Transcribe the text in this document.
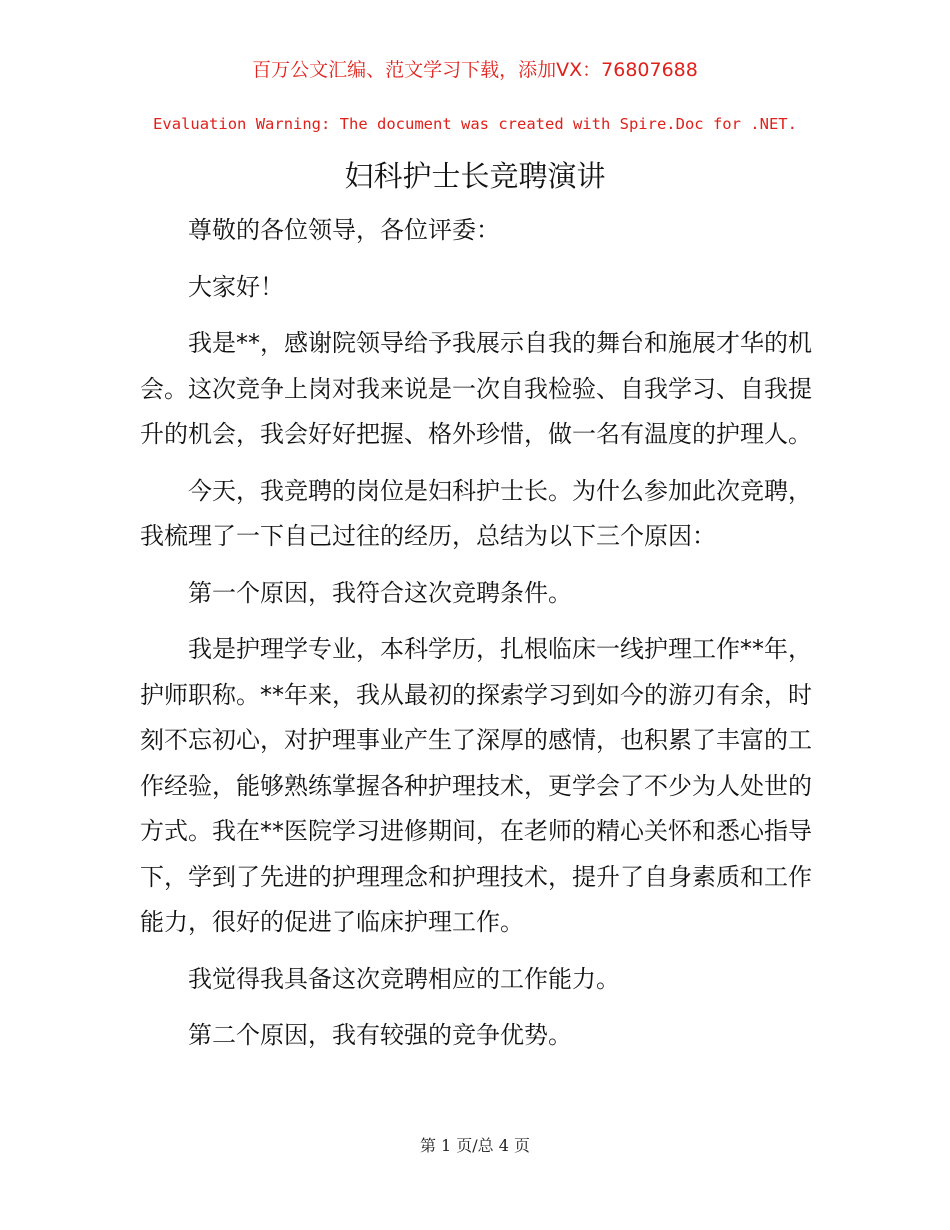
百万公文汇编、范文学习下载，添加VX：76807688
Evaluation Warning: The document was created with Spire.Doc for .NET.
妇科护士长竞聘演讲

尊敬的各位领导，各位评委：

大家好！

我是**，感谢院领导给予我展示自我的舞台和施展才华的机会。这次竞争上岗对我来说是一次自我检验、自我学习、自我提升的机会，我会好好把握、格外珍惜，做一名有温度的护理人。

今天，我竞聘的岗位是妇科护士长。为什么参加此次竞聘，我梳理了一下自己过往的经历，总结为以下三个原因：

第一个原因，我符合这次竞聘条件。

我是护理学专业，本科学历，扎根临床一线护理工作**年，护师职称。**年来，我从最初的探索学习到如今的游刃有余，时刻不忘初心，对护理事业产生了深厚的感情，也积累了丰富的工作经验，能够熟练掌握各种护理技术，更学会了不少为人处世的方式。我在**医院学习进修期间，在老师的精心关怀和悉心指导下，学到了先进的护理理念和护理技术，提升了自身素质和工作能力，很好的促进了临床护理工作。

我觉得我具备这次竞聘相应的工作能力。

第二个原因，我有较强的竞争优势。

第 1 页/总 4 页
